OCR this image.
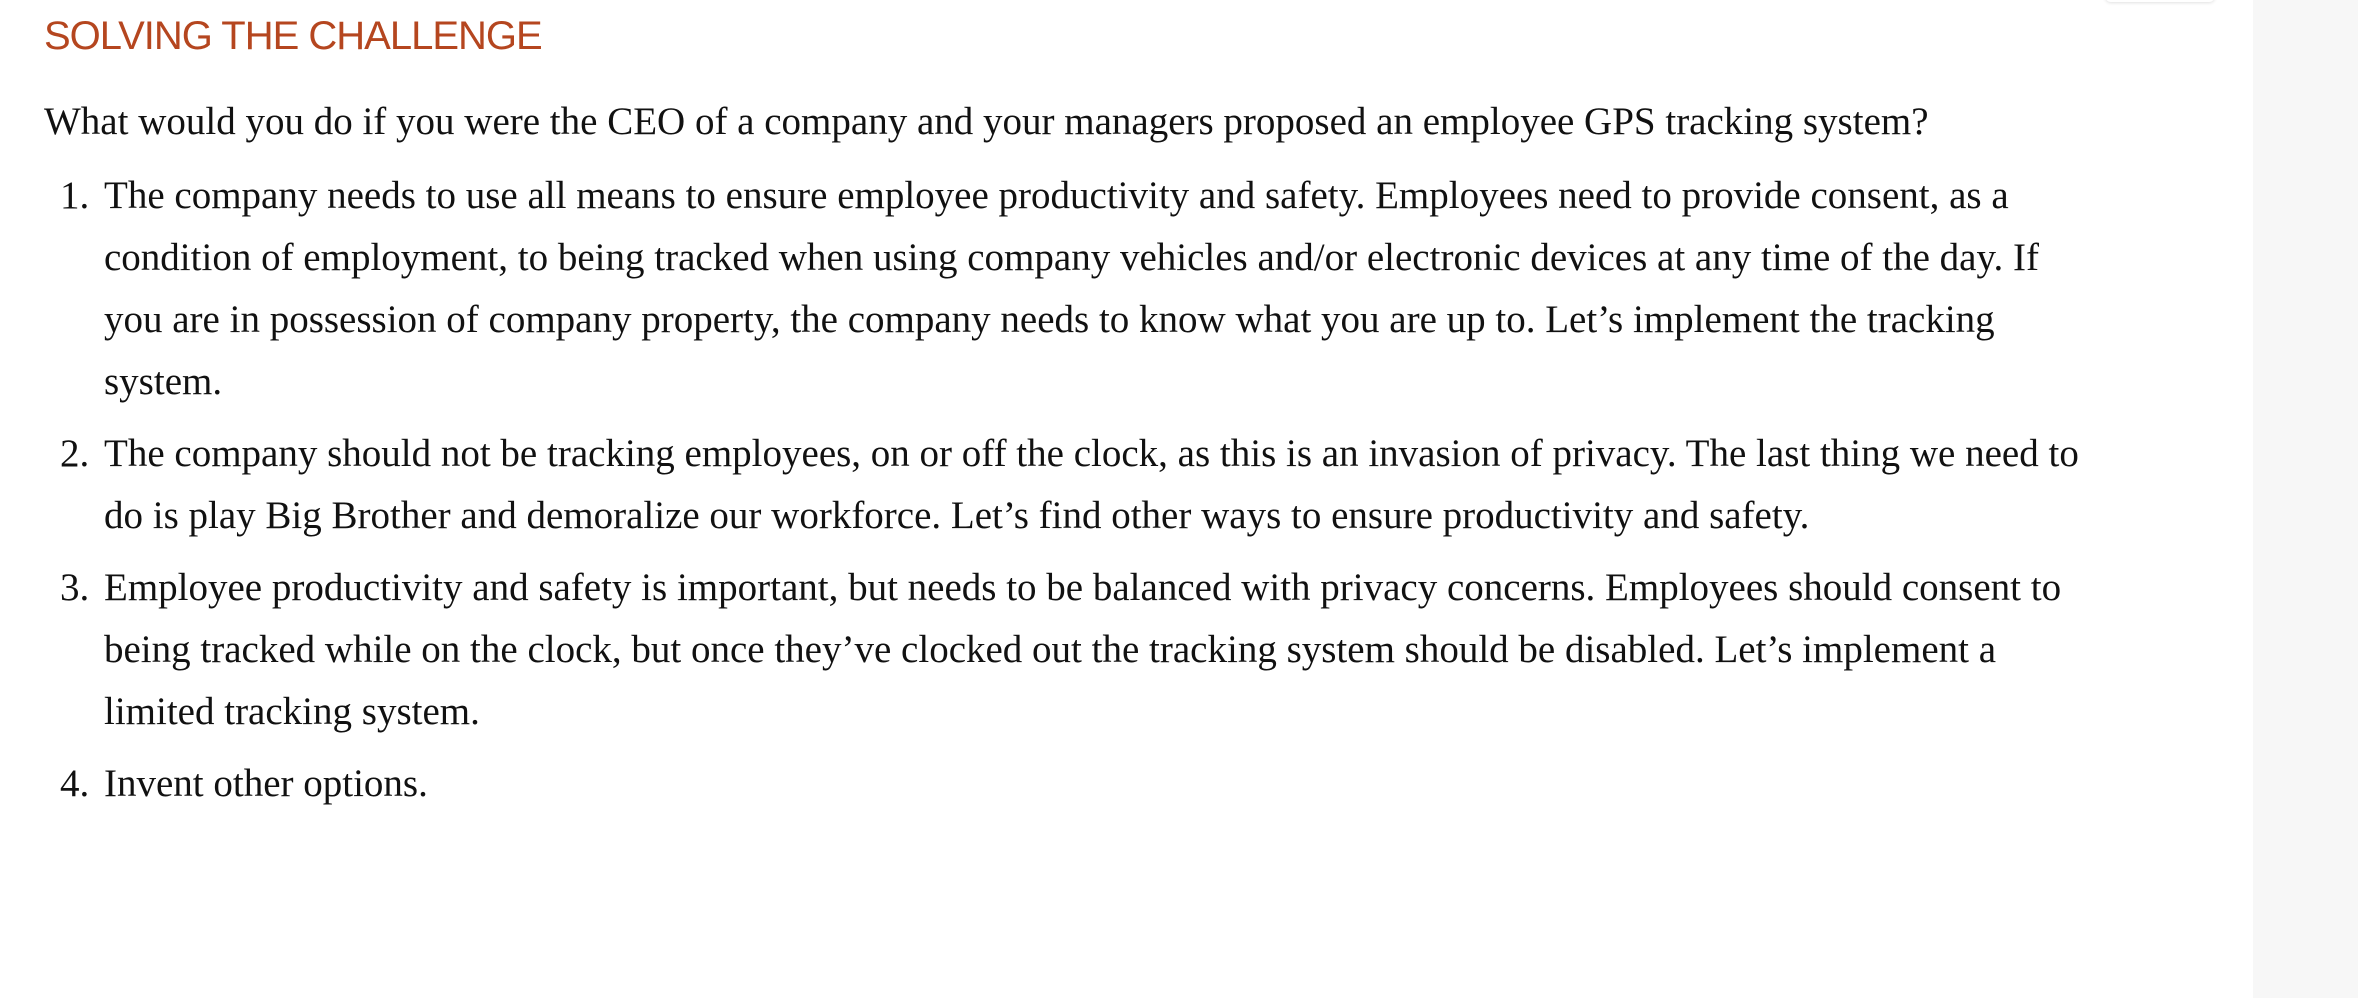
SOLVING THE CHALLENGE

What would you do if you were the CEO of a company and your managers proposed an employee GPS tracking system?

1. The company needs to use all means to ensure employee productivity and safety. Employees need to provide consent, as a condition of employment, to being tracked when using company vehicles and/or electronic devices at any time of the day. If you are in possession of company property, the company needs to know what you are up to. Let’s implement the tracking system.
2. The company should not be tracking employees, on or off the clock, as this is an invasion of privacy. The last thing we need to do is play Big Brother and demoralize our workforce. Let’s find other ways to ensure productivity and safety.
3. Employee productivity and safety is important, but needs to be balanced with privacy concerns. Employees should consent to being tracked while on the clock, but once they’ve clocked out the tracking system should be disabled. Let’s implement a limited tracking system.
4. Invent other options.
